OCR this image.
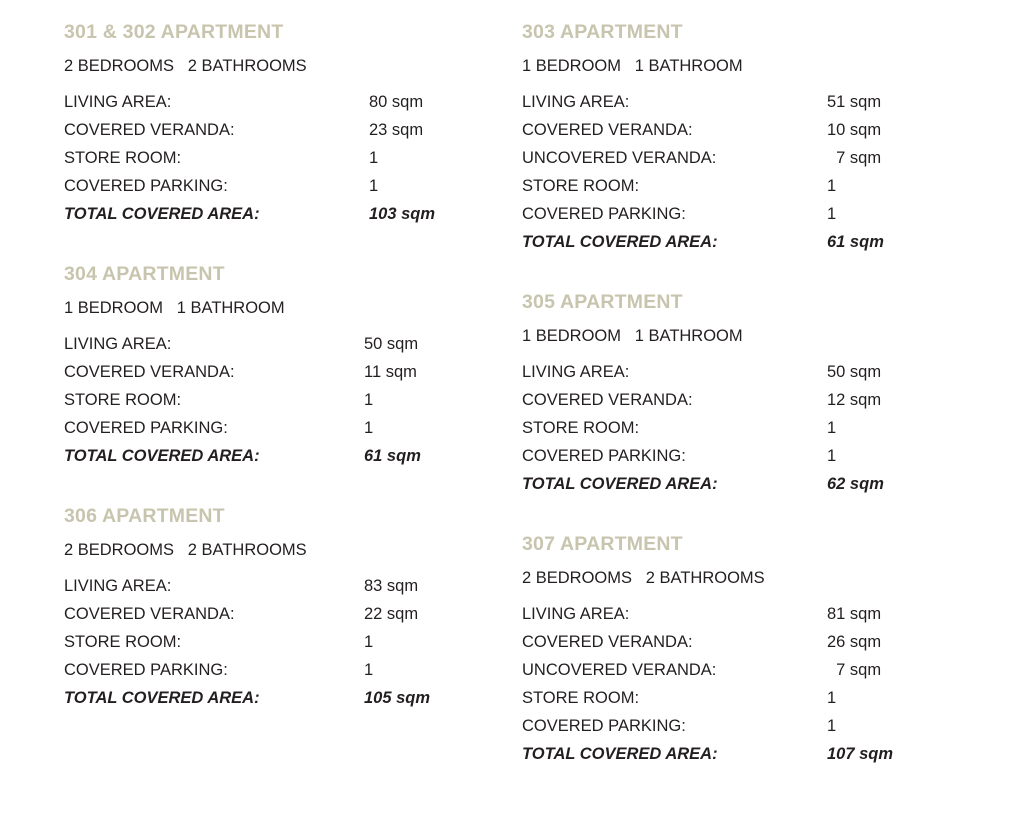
301 & 302 APARTMENT
2 BEDROOMS   2 BATHROOMS
LIVING AREA:	80 sqm
COVERED VERANDA:	23 sqm
STORE ROOM:	1
COVERED PARKING:	1
TOTAL COVERED AREA:	103 sqm
304 APARTMENT
1 BEDROOM   1 BATHROOM
LIVING AREA:	50 sqm
COVERED VERANDA:	11 sqm
STORE ROOM:	1
COVERED PARKING:	1
TOTAL COVERED AREA:	61 sqm
306 APARTMENT
2 BEDROOMS   2 BATHROOMS
LIVING AREA:	83 sqm
COVERED VERANDA:	22 sqm
STORE ROOM:	1
COVERED PARKING:	1
TOTAL COVERED AREA:	105 sqm
303 APARTMENT
1 BEDROOM   1 BATHROOM
LIVING AREA:	51 sqm
COVERED VERANDA:	10 sqm
UNCOVERED VERANDA:	7 sqm
STORE ROOM:	1
COVERED PARKING:	1
TOTAL COVERED AREA:	61 sqm
305 APARTMENT
1 BEDROOM   1 BATHROOM
LIVING AREA:	50 sqm
COVERED VERANDA:	12 sqm
STORE ROOM:	1
COVERED PARKING:	1
TOTAL COVERED AREA:	62 sqm
307 APARTMENT
2 BEDROOMS   2 BATHROOMS
LIVING AREA:	81 sqm
COVERED VERANDA:	26 sqm
UNCOVERED VERANDA:	7 sqm
STORE ROOM:	1
COVERED PARKING:	1
TOTAL COVERED AREA:	107 sqm
